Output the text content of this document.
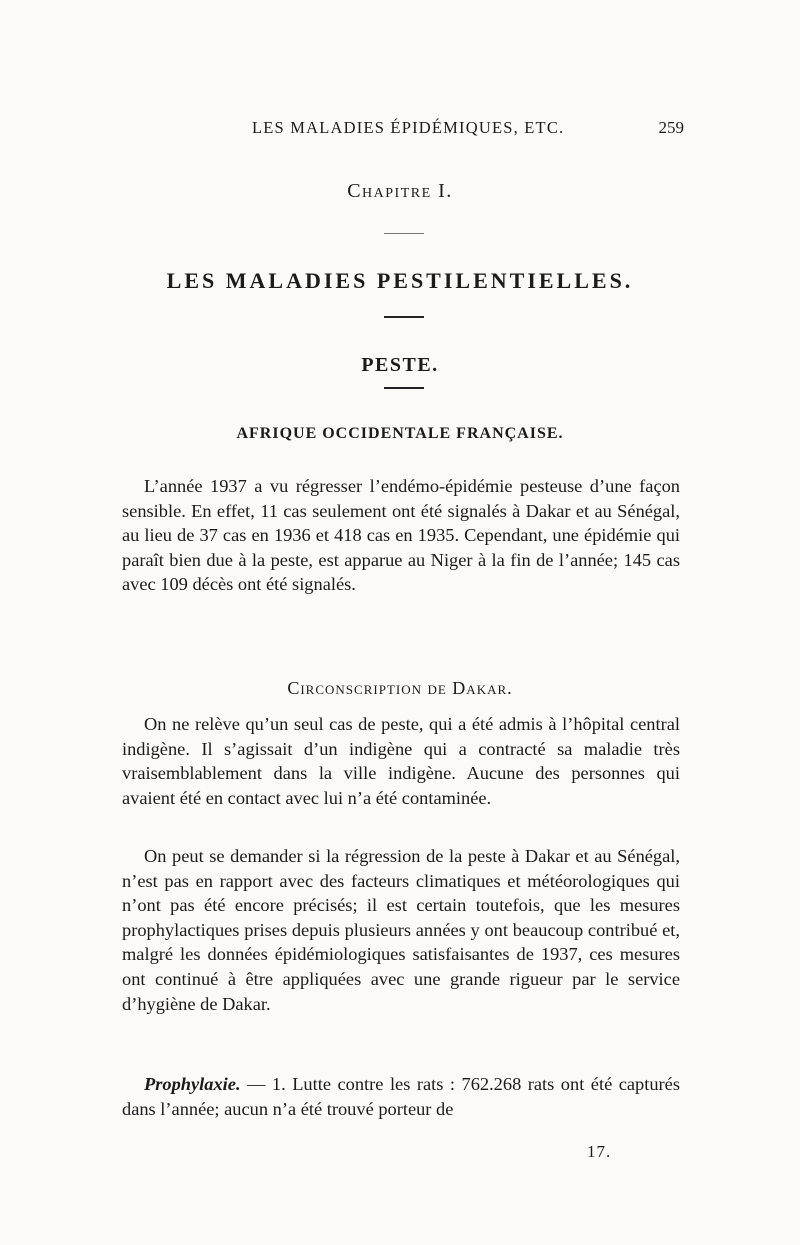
LES MALADIES ÉPIDÉMIQUES, ETC.	259
Chapitre I.
LES MALADIES PESTILENTIELLES.
PESTE.
AFRIQUE OCCIDENTALE FRANÇAISE.

L’année 1937 a vu régresser l’endémo-épidémie pesteuse d’une façon sensible. En effet, 11 cas seulement ont été signalés à Dakar et au Sénégal, au lieu de 37 cas en 1936 et 418 cas en 1935. Cependant, une épidémie qui paraît bien due à la peste, est apparue au Niger à la fin de l’année; 145 cas avec 109 décès ont été signalés.

Circonscription de Dakar.

On ne relève qu’un seul cas de peste, qui a été admis à l’hôpital central indigène. Il s’agissait d’un indigène qui a contracté sa maladie très vraisemblablement dans la ville indigène. Aucune des personnes qui avaient été en contact avec lui n’a été contaminée.

On peut se demander si la régression de la peste à Dakar et au Sénégal, n’est pas en rapport avec des facteurs climatiques et météorologiques qui n’ont pas été encore précisés; il est certain toutefois, que les mesures prophylactiques prises depuis plusieurs années y ont beaucoup contribué et, malgré les données épidémiologiques satisfaisantes de 1937, ces mesures ont continué à être appliquées avec une grande rigueur par le service d’hygiène de Dakar.

Prophylaxie. — 1. Lutte contre les rats : 762.268 rats ont été capturés dans l’année; aucun n’a été trouvé porteur de

17.
